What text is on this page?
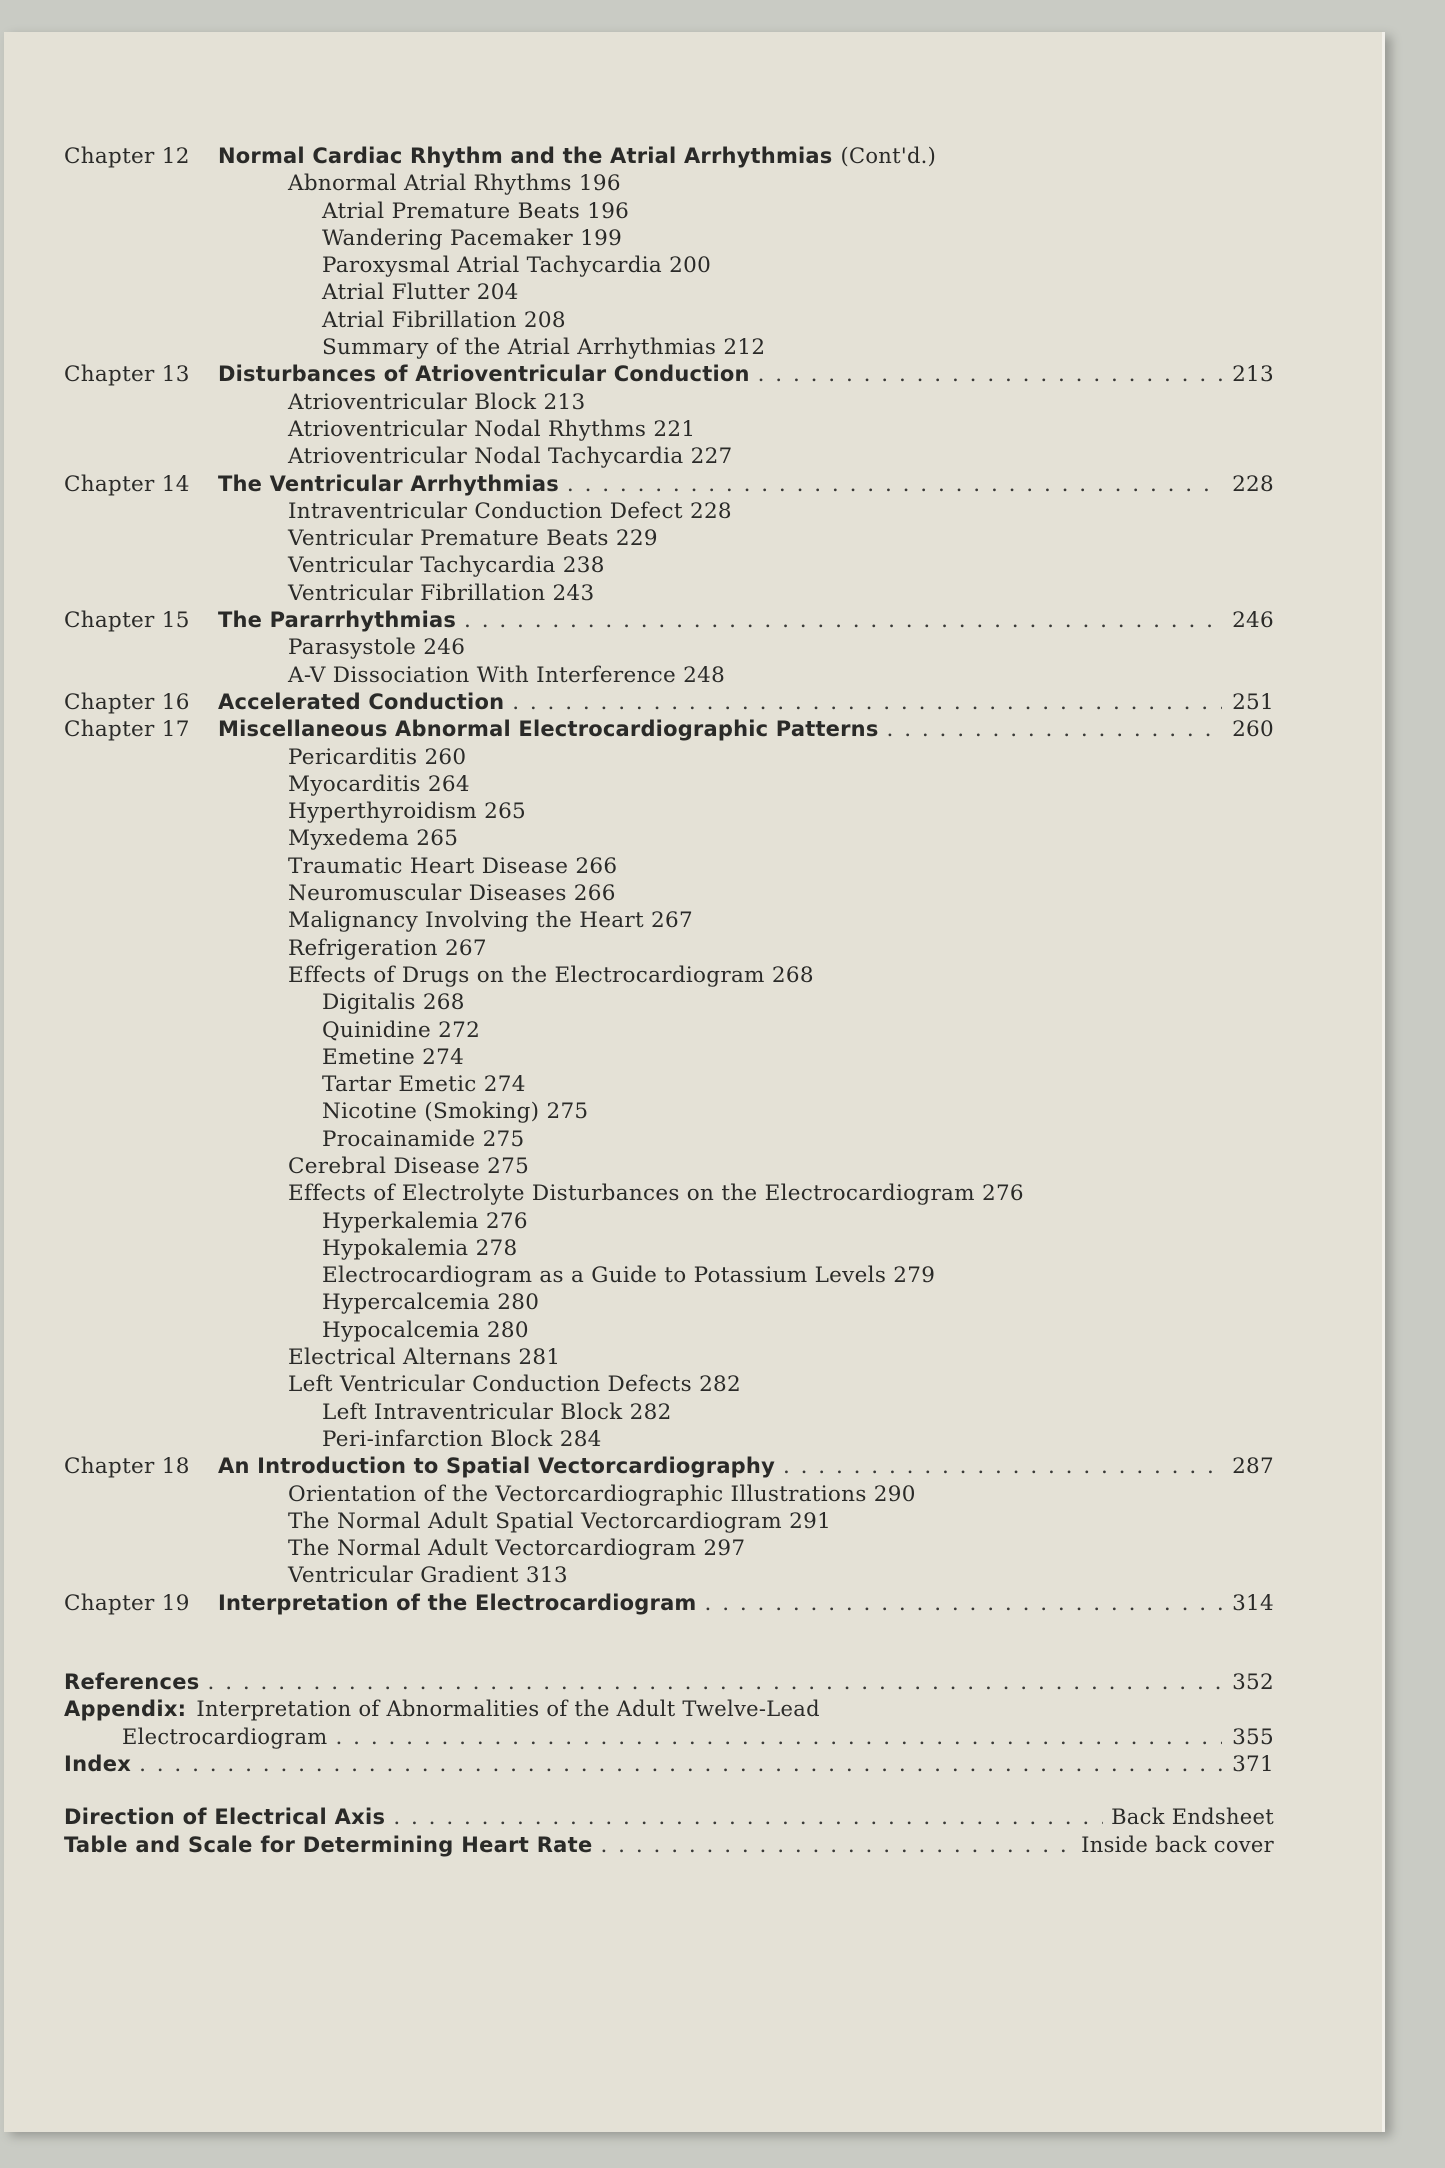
Chapter 12	Normal Cardiac Rhythm and the Atrial Arrhythmias (Cont'd.)
Abnormal Atrial Rhythms 196
Atrial Premature Beats 196
Wandering Pacemaker 199
Paroxysmal Atrial Tachycardia 200
Atrial Flutter 204
Atrial Fibrillation 208
Summary of the Atrial Arrhythmias 212
Chapter 13	Disturbances of Atrioventricular Conduction . . .	213
Atrioventricular Block 213
Atrioventricular Nodal Rhythms 221
Atrioventricular Nodal Tachycardia 227
Chapter 14	The Ventricular Arrhythmias . . .	228
Intraventricular Conduction Defect 228
Ventricular Premature Beats 229
Ventricular Tachycardia 238
Ventricular Fibrillation 243
Chapter 15	The Pararrhythmias . . .	246
Parasystole 246
A-V Dissociation With Interference 248
Chapter 16	Accelerated Conduction . . .	251
Chapter 17	Miscellaneous Abnormal Electrocardiographic Patterns . . .	260
Pericarditis 260
Myocarditis 264
Hyperthyroidism 265
Myxedema 265
Traumatic Heart Disease 266
Neuromuscular Diseases 266
Malignancy Involving the Heart 267
Refrigeration 267
Effects of Drugs on the Electrocardiogram 268
Digitalis 268
Quinidine 272
Emetine 274
Tartar Emetic 274
Nicotine (Smoking) 275
Procainamide 275
Cerebral Disease 275
Effects of Electrolyte Disturbances on the Electrocardiogram 276
Hyperkalemia 276
Hypokalemia 278
Electrocardiogram as a Guide to Potassium Levels 279
Hypercalcemia 280
Hypocalcemia 280
Electrical Alternans 281
Left Ventricular Conduction Defects 282
Left Intraventricular Block 282
Peri-infarction Block 284
Chapter 18	An Introduction to Spatial Vectorcardiography . . .	287
Orientation of the Vectorcardiographic Illustrations 290
The Normal Adult Spatial Vectorcardiogram 291
The Normal Adult Vectorcardiogram 297
Ventricular Gradient 313
Chapter 19	Interpretation of the Electrocardiogram . . .	314
References . . .	352
Appendix: Interpretation of Abnormalities of the Adult Twelve-Lead
Electrocardiogram . . .	355
Index . . .	371
Direction of Electrical Axis . . .	Back Endsheet
Table and Scale for Determining Heart Rate . . .	Inside back cover
